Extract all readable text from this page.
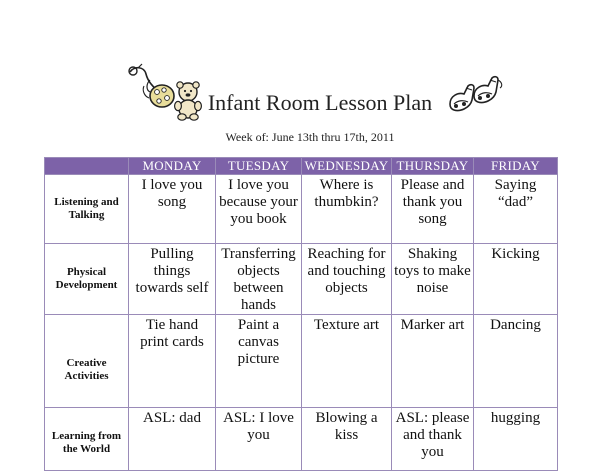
Infant Room Lesson Plan
Week of: June 13th thru 17th, 2011
	MONDAY	TUESDAY	WEDNESDAY	THURSDAY	FRIDAY
Listening and Talking	I love you song	I love you because your you book	Where is thumbkin?	Please and thank you song	Saying “dad”
Physical Development	Pulling things towards self	Transferring objects between hands	Reaching for and touching objects	Shaking toys to make noise	Kicking
Creative Activities	Tie hand print cards	Paint a canvas picture	Texture art	Marker art	Dancing
Learning from the World	ASL: dad	ASL: I love you	Blowing a kiss	ASL: please and thank you	hugging
